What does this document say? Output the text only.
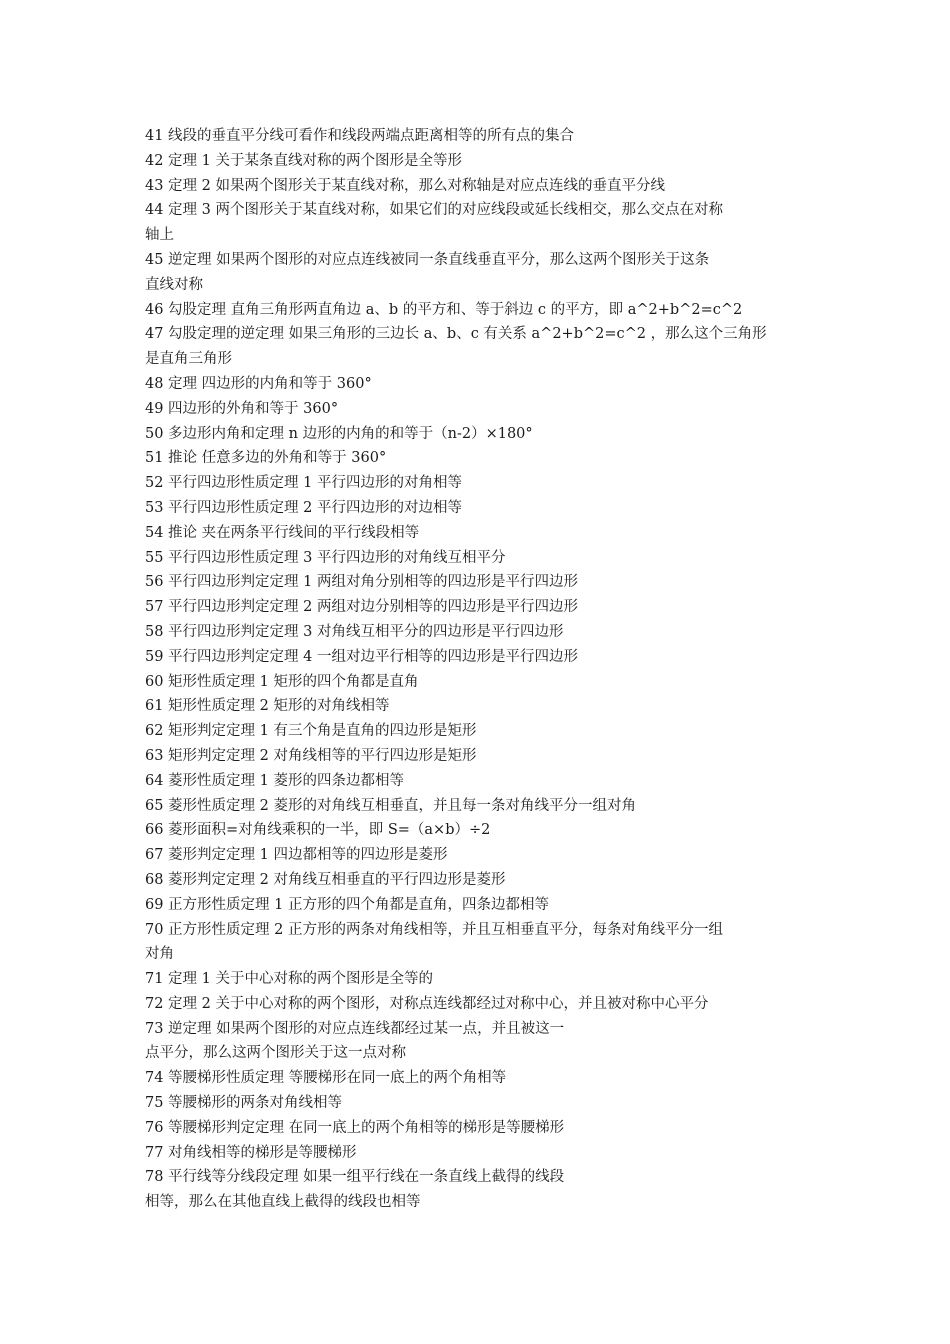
41 线段的垂直平分线可看作和线段两端点距离相等的所有点的集合
42 定理 1 关于某条直线对称的两个图形是全等形
43 定理 2 如果两个图形关于某直线对称，那么对称轴是对应点连线的垂直平分线
44 定理 3 两个图形关于某直线对称，如果它们的对应线段或延长线相交，那么交点在对称
轴上
45 逆定理 如果两个图形的对应点连线被同一条直线垂直平分，那么这两个图形关于这条
直线对称
46 勾股定理 直角三角形两直角边 a、b 的平方和、等于斜边 c 的平方，即 a^2+b^2=c^2
47 勾股定理的逆定理 如果三角形的三边长 a、b、c 有关系 a^2+b^2=c^2 ，那么这个三角形
是直角三角形
48 定理 四边形的内角和等于 360°
49 四边形的外角和等于 360°
50 多边形内角和定理 n 边形的内角的和等于（n-2）×180°
51 推论 任意多边的外角和等于 360°
52 平行四边形性质定理 1 平行四边形的对角相等
53 平行四边形性质定理 2 平行四边形的对边相等
54 推论 夹在两条平行线间的平行线段相等
55 平行四边形性质定理 3 平行四边形的对角线互相平分
56 平行四边形判定定理 1 两组对角分别相等的四边形是平行四边形
57 平行四边形判定定理 2 两组对边分别相等的四边形是平行四边形
58 平行四边形判定定理 3 对角线互相平分的四边形是平行四边形
59 平行四边形判定定理 4 一组对边平行相等的四边形是平行四边形
60 矩形性质定理 1 矩形的四个角都是直角
61 矩形性质定理 2 矩形的对角线相等
62 矩形判定定理 1 有三个角是直角的四边形是矩形
63 矩形判定定理 2 对角线相等的平行四边形是矩形
64 菱形性质定理 1 菱形的四条边都相等
65 菱形性质定理 2 菱形的对角线互相垂直，并且每一条对角线平分一组对角
66 菱形面积=对角线乘积的一半，即 S=（a×b）÷2
67 菱形判定定理 1 四边都相等的四边形是菱形
68 菱形判定定理 2 对角线互相垂直的平行四边形是菱形
69 正方形性质定理 1 正方形的四个角都是直角，四条边都相等
70 正方形性质定理 2 正方形的两条对角线相等，并且互相垂直平分，每条对角线平分一组
对角
71 定理 1 关于中心对称的两个图形是全等的
72 定理 2 关于中心对称的两个图形，对称点连线都经过对称中心，并且被对称中心平分
73 逆定理 如果两个图形的对应点连线都经过某一点，并且被这一
点平分，那么这两个图形关于这一点对称
74 等腰梯形性质定理 等腰梯形在同一底上的两个角相等
75 等腰梯形的两条对角线相等
76 等腰梯形判定定理 在同一底上的两个角相等的梯形是等腰梯形
77 对角线相等的梯形是等腰梯形
78 平行线等分线段定理 如果一组平行线在一条直线上截得的线段
相等，那么在其他直线上截得的线段也相等
